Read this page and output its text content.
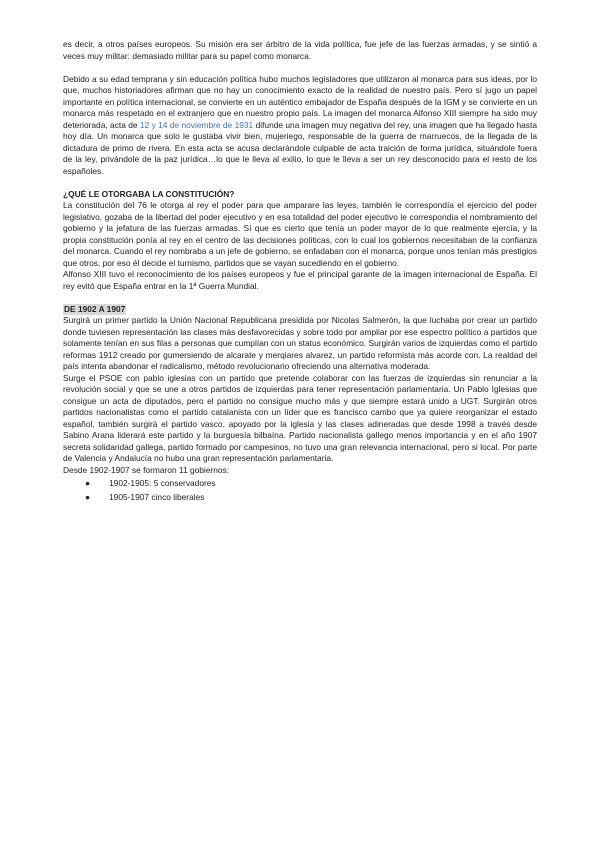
es decir, a otros países europeos. Su misión era ser árbitro de la vida política, fue jefe de las fuerzas armadas, y se sintió a veces muy militar: demasiado militar para su papel como monarca.

Debido a su edad temprana y sin educación política hubo muchos legisladores que utilizaron al monarca para sus ideas, por lo que, muchos historiadores afirman que no hay un conocimiento exacto de la realidad de nuestro país. Pero sí jugo un papel importante en política internacional, se convierte en un auténtico embajador de España después de la IGM y se convierte en un monarca más respetado en el extranjero que en nuestro propio país. La imagen del monarca Alfonso XIII siempre ha sido muy deteriorada, acta de 12 y 14 de noviembre de 1931 difunde una imagen muy negativa del rey, una imagen que ha llegado hasta hoy día. Un monarca que solo le gustaba vivir bien, mujeriego, responsable de la guerra de marruecos, de la llegada de la dictadura de primo de rivera. En esta acta se acusa declarándole culpable de acta traición de forma jurídica, situándole fuera de la ley, privándole de la paz jurídica…lo que le lleva al exilio, lo que le lleva a ser un rey desconocido para el resto de los españoles.

¿QUÉ LE OTORGABA LA CONSTITUCIÓN?

La constitución del 76 le otorga al rey el poder para que amparare las leyes, también le correspondía el ejercicio del poder legislativo, gozaba de la libertad del poder ejecutivo y en esa totalidad del poder ejecutivo le correspondía el nombramiento del gobierno y la jefatura de las fuerzas armadas. Sí que es cierto que tenía un poder mayor de lo que realmente ejercía, y la propia constitución ponía al rey en el centro de las decisiones políticas, con lo cual los gobiernos necesitaban de la confianza del monarca. Cuando el rey nombraba a un jefe de gobierno, se enfadaban con el monarca, porque unos tenían más prestigios que otros, por eso él decide el turnismo, partidos que se vayan sucediendo en el gobierno.

Alfonso XIII tuvo el reconocimiento de los países europeos y fue el principal garante de la imagen internacional de España. El rey evitó que España entrar en la 1ª Guerra Mundial.

DE 1902 A 1907

Surgirá un primer partido la Unión Nacional Republicana presidida por Nicolas Salmerón, la que luchaba por crear un partido donde tuviesen representación las clases más desfavorecidas y sobre todo por ampliar por ese espectro político a partidos que solamente tenían en sus filas a personas que cumplían con un status económico. Surgirán varios de izquierdas como el partido reformas 1912 creado por gumersiendo de alcarate y merqiares alvarez, un partido reformista más acorde con. La realdad del país intenta abandonar el radicalismo, método revolucionario ofreciendo una alternativa moderada.

Surge el PSOE con pablo iglesias con un partido que pretende colaborar con las fuerzas de izquierdas sin renunciar a la revolución social y que se une a otros partidos de izquierdas para tener representación parlamentaria. Un Pablo Iglesias que consigue un acta de diputados, pero el partido no consigue mucho más y que siempre estará unido a UGT. Surgirán otros partidos nacionalistas como el partido catalanista con un líder que es francisco cambo que ya quiere reorganizar el estado español, también surgirá el partido vasco, apoyado por la iglesia y las clases adineradas que desde 1998 a través desde Sabino Arana liderará este partido y la burguesía bilbaína. Partido nacionalista gallego menos importancia y en el año 1907 secreta solidaridad gallega, partido formado por campesinos, no tuvo una gran relevancia internacional, pero si local. Por parte de Valencia y Andalucía no hubo una gran representación parlamentaria.

Desde 1902-1907 se formaron 11 gobiernos:

● 1902-1905: 5 conservadores
● 1905-1907 cinco liberales
